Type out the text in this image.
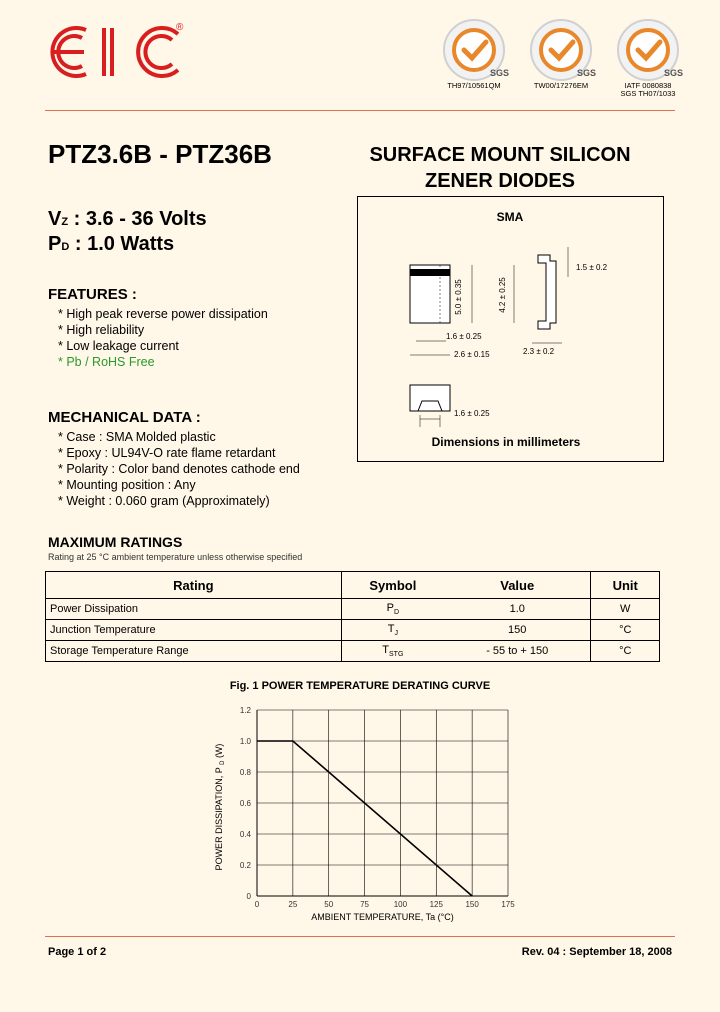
®
SGS
TH97/10561QM
SGS
TW00/17276EM
SGS
IATF 0080838
SGS TH07/1033
PTZ3.6B - PTZ36B	SURFACE MOUNT SILICON
ZENER DIODES
VZ : 3.6 - 36 Volts
PD : 1.0 Watts
FEATURES :
* High peak reverse power dissipation
* High reliability
* Low leakage current
* Pb / RoHS Free
MECHANICAL DATA :
* Case : SMA Molded plastic
* Epoxy : UL94V-O rate flame retardant
* Polarity : Color band denotes cathode end
* Mounting position : Any
* Weight : 0.060 gram (Approximately)
SMA
5.0 ± 0.35	4.2 ± 0.25
1.5 ± 0.2
2.3 ± 0.2
1.6 ± 0.25
2.6 ± 0.15
1.6 ± 0.25
Dimensions in millimeters
MAXIMUM RATINGS
Rating at 25 °C ambient temperature unless otherwise specified
Rating	Symbol	Value	Unit
Power Dissipation	$P_D$	1.0	W
Junction Temperature	$T_J$	150	°C
Storage Temperature Range	$T_{STG}$	- 55 to + 150	°C
Fig. 1 POWER TEMPERATURE DERATING CURVE
0	25	50	75	100	125	150	175
0
0.2
0.4
0.6
0.8
1.0
1.2
AMBIENT TEMPERATURE, Ta (°C)
POWER DISSIPATION, P $_D$ (W)
Page 1 of 2	Rev. 04 : September 18, 2008
